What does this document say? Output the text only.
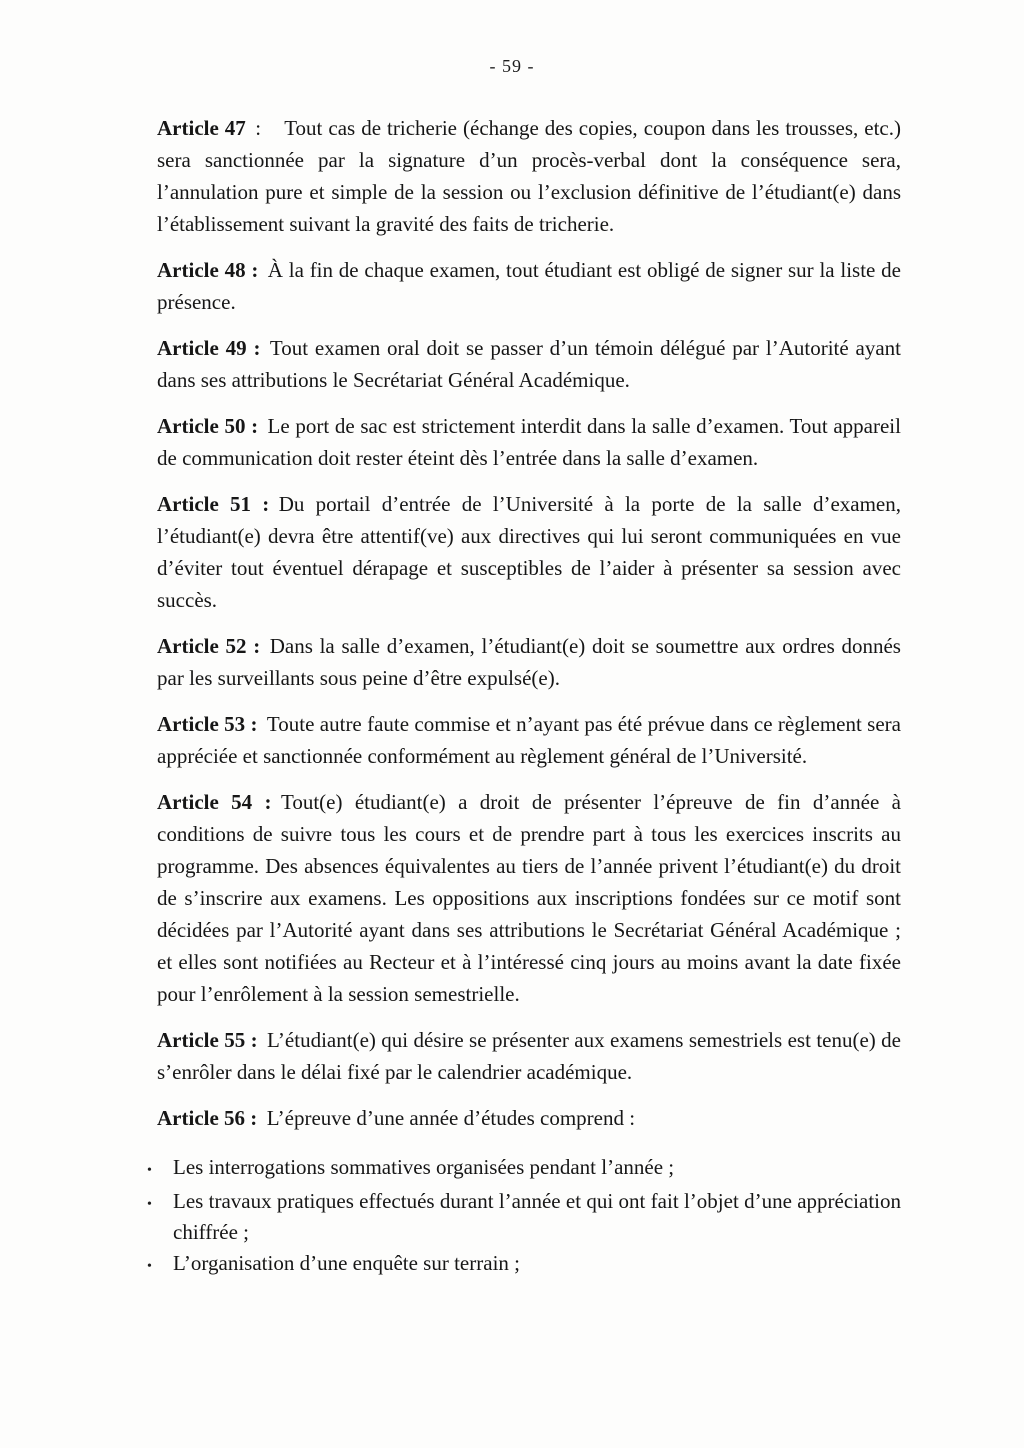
- 59 -

Article 47 : Tout cas de tricherie (échange des copies, coupon dans les trousses, etc.) sera sanctionnée par la signature d’un procès-verbal dont la conséquence sera, l’annulation pure et simple de la session ou l’exclusion définitive de l’étudiant(e) dans l’établissement suivant la gravité des faits de tricherie.

Article 48 : À la fin de chaque examen, tout étudiant est obligé de signer sur la liste de présence.

Article 49 : Tout examen oral doit se passer d’un témoin délégué par l’Autorité ayant dans ses attributions le Secrétariat Général Académique.

Article 50 : Le port de sac est strictement interdit dans la salle d’examen. Tout appareil de communication doit rester éteint dès l’entrée dans la salle d’examen.

Article 51 : Du portail d’entrée de l’Université à la porte de la salle d’examen, l’étudiant(e) devra être attentif(ve) aux directives qui lui seront communiquées en vue d’éviter tout éventuel dérapage et susceptibles de l’aider à présenter sa session avec succès.

Article 52 : Dans la salle d’examen, l’étudiant(e) doit se soumettre aux ordres donnés par les surveillants sous peine d’être expulsé(e).

Article 53 : Toute autre faute commise et n’ayant pas été prévue dans ce règlement sera appréciée et sanctionnée conformément au règlement général de l’Université.

Article 54 : Tout(e) étudiant(e) a droit de présenter l’épreuve de fin d’année à conditions de suivre tous les cours et de prendre part à tous les exercices inscrits au programme. Des absences équivalentes au tiers de l’année privent l’étudiant(e) du droit de s’inscrire aux examens. Les oppositions aux inscriptions fondées sur ce motif sont décidées par l’Autorité ayant dans ses attributions le Secrétariat Général Académique ; et elles sont notifiées au Recteur et à l’intéressé cinq jours au moins avant la date fixée pour l’enrôlement à la session semestrielle.

Article 55 : L’étudiant(e) qui désire se présenter aux examens semestriels est tenu(e) de s’enrôler dans le délai fixé par le calendrier académique.

Article 56 : L’épreuve d’une année d’études comprend :

•	Les interrogations sommatives organisées pendant l’année ;
•	Les travaux pratiques effectués durant l’année et qui ont fait l’objet d’une appréciation chiffrée ;
•	L’organisation d’une enquête sur terrain ;
